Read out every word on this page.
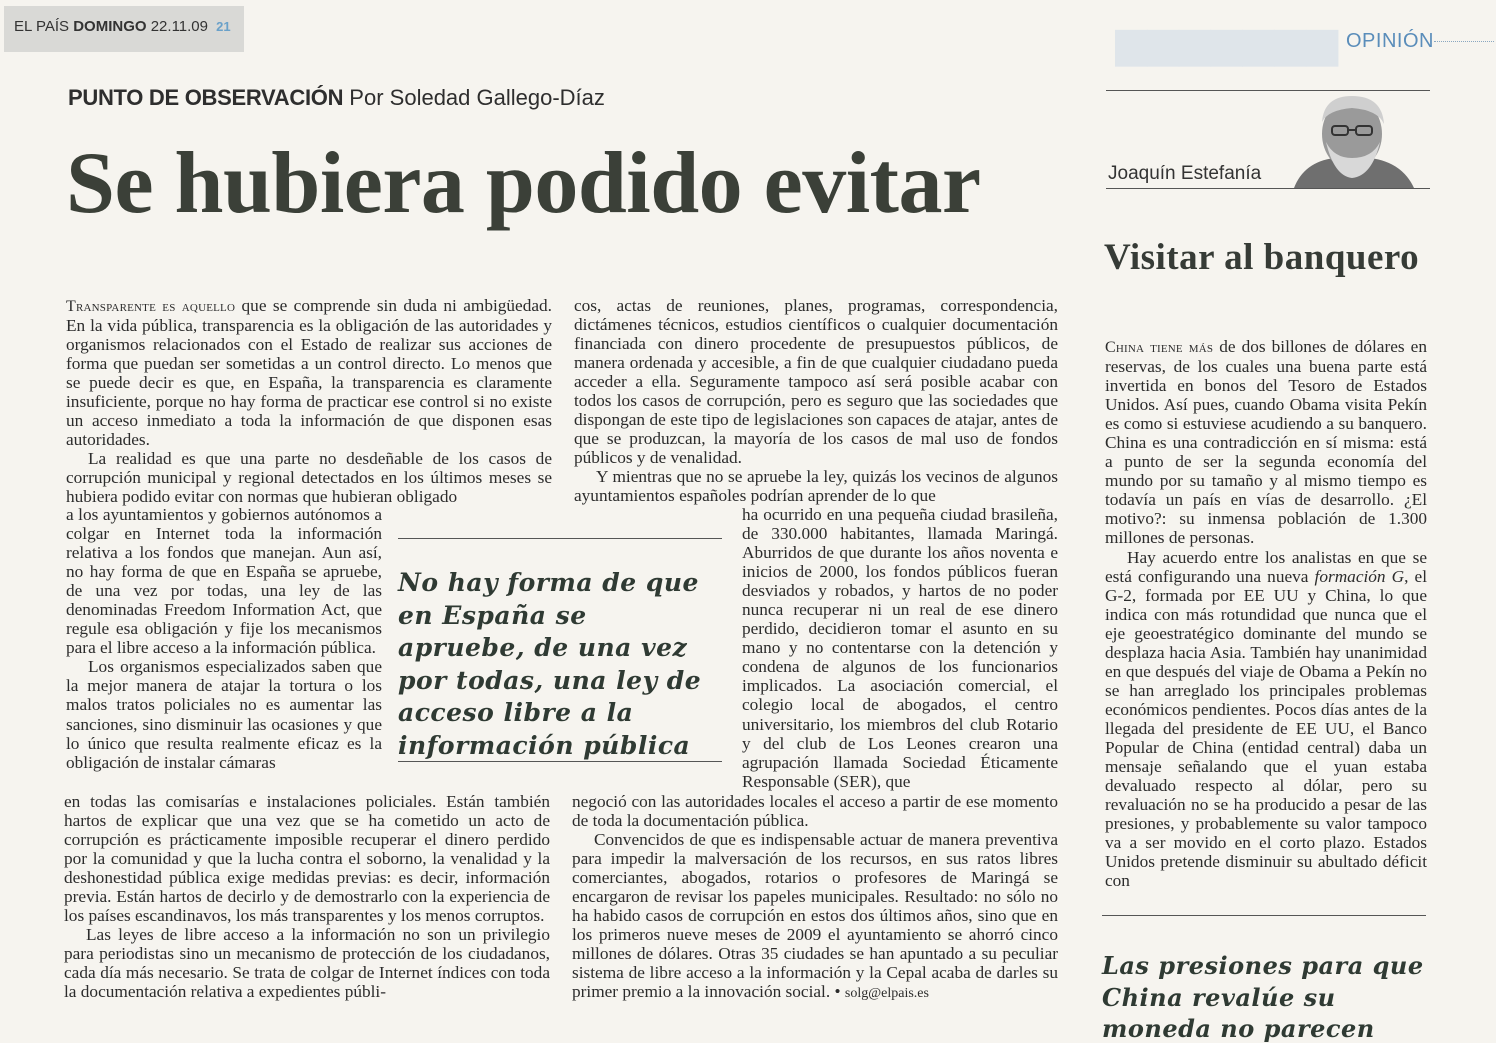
EL PAÍS DOMINGO 22.11.09 21	▆▆▆▆▆▆▆ OPINIÓN
PUNTO DE OBSERVACIÓN Por Soledad Gallego-Díaz
Se hubiera podido evitar

Transparente es aquello que se comprende sin duda ni ambigüedad. En la vida pública, transparencia es la obligación de las autoridades y organismos relacionados con el Estado de realizar sus acciones de forma que puedan ser sometidas a un control directo. Lo menos que se puede decir es que, en España, la transparencia es claramente insuficiente, porque no hay forma de practicar ese control si no existe un acceso inmediato a toda la información de que disponen esas autoridades.

La realidad es que una parte no desdeñable de los casos de corrupción municipal y regional detectados en los últimos meses se hubiera podido evitar con normas que hubieran obligado

a los ayuntamientos y gobiernos autónomos a colgar en Internet toda la información relativa a los fondos que manejan. Aun así, no hay forma de que en España se apruebe, de una vez por todas, una ley de las denominadas Freedom Information Act, que regule esa obligación y fije los mecanismos para el libre acceso a la información pública.

Los organismos especializados saben que la mejor manera de atajar la tortura o los malos tratos policiales no es aumentar las sanciones, sino disminuir las ocasiones y que lo único que resulta realmente eficaz es la obligación de instalar cámaras

en todas las comisarías e instalaciones policiales. Están también hartos de explicar que una vez que se ha cometido un acto de corrupción es prácticamente imposible recuperar el dinero perdido por la comunidad y que la lucha contra el soborno, la venalidad y la deshonestidad pública exige medidas previas: es decir, información previa. Están hartos de decirlo y de demostrarlo con la experiencia de los países escandinavos, los más transparentes y los menos corruptos.

Las leyes de libre acceso a la información no son un privilegio para periodistas sino un mecanismo de protección de los ciudadanos, cada día más necesario. Se trata de colgar de Internet índices con toda la documentación relativa a expedientes públi-

cos, actas de reuniones, planes, programas, correspondencia, dictámenes técnicos, estudios científicos o cualquier documentación financiada con dinero procedente de presupuestos públicos, de manera ordenada y accesible, a fin de que cualquier ciudadano pueda acceder a ella. Seguramente tampoco así será posible acabar con todos los casos de corrupción, pero es seguro que las sociedades que dispongan de este tipo de legislaciones son capaces de atajar, antes de que se produzcan, la mayoría de los casos de mal uso de fondos públicos y de venalidad.

Y mientras que no se apruebe la ley, quizás los vecinos de algunos ayuntamientos españoles podrían aprender de lo que

ha ocurrido en una pequeña ciudad brasileña, de 330.000 habitantes, llamada Maringá. Aburridos de que durante los años noventa e inicios de 2000, los fondos públicos fueran desviados y robados, y hartos de no poder nunca recuperar ni un real de ese dinero perdido, decidieron tomar el asunto en su mano y no contentarse con la detención y condena de algunos de los funcionarios implicados. La asociación comercial, el colegio local de abogados, el centro universitario, los miembros del club Rotario y del club de Los Leones crearon una agrupación llamada Sociedad Éticamente Responsable (SER), que

negoció con las autoridades locales el acceso a partir de ese momento de toda la documentación pública.

Convencidos de que es indispensable actuar de manera preventiva para impedir la malversación de los recursos, en sus ratos libres comerciantes, abogados, rotarios o profesores de Maringá se encargaron de revisar los papeles municipales. Resultado: no sólo no ha habido casos de corrupción en estos dos últimos años, sino que en los primeros nueve meses de 2009 el ayuntamiento se ahorró cinco millones de dólares. Otras 35 ciudades se han apuntado a su peculiar sistema de libre acceso a la información y la Cepal acaba de darles su primer premio a la innovación social. • solg@elpais.es

No hay forma de que en España se apruebe, de una vez por todas, una ley de acceso libre a la información pública
Joaquín Estefanía
Visitar al banquero

China tiene más de dos billones de dólares en reservas, de los cuales una buena parte está invertida en bonos del Tesoro de Estados Unidos. Así pues, cuando Obama visita Pekín es como si estuviese acudiendo a su banquero. China es una contradicción en sí misma: está a punto de ser la segunda economía del mundo por su tamaño y al mismo tiempo es todavía un país en vías de desarrollo. ¿El motivo?: su inmensa población de 1.300 millones de personas.

Hay acuerdo entre los analistas en que se está configurando una nueva formación G, el G-2, formada por EE UU y China, lo que indica con más rotundidad que nunca que el eje geoestratégico dominante del mundo se desplaza hacia Asia. También hay unanimidad en que después del viaje de Obama a Pekín no se han arreglado los principales problemas económicos pendientes. Pocos días antes de la llegada del presidente de EE UU, el Banco Popular de China (entidad central) daba un mensaje señalando que el yuan estaba devaluado respecto al dólar, pero su revaluación no se ha producido a pesar de las presiones, y probablemente su valor tampoco va a ser movido en el corto plazo. Estados Unidos pretende disminuir su abultado déficit con

Las presiones para que China revalúe su moneda no parecen
